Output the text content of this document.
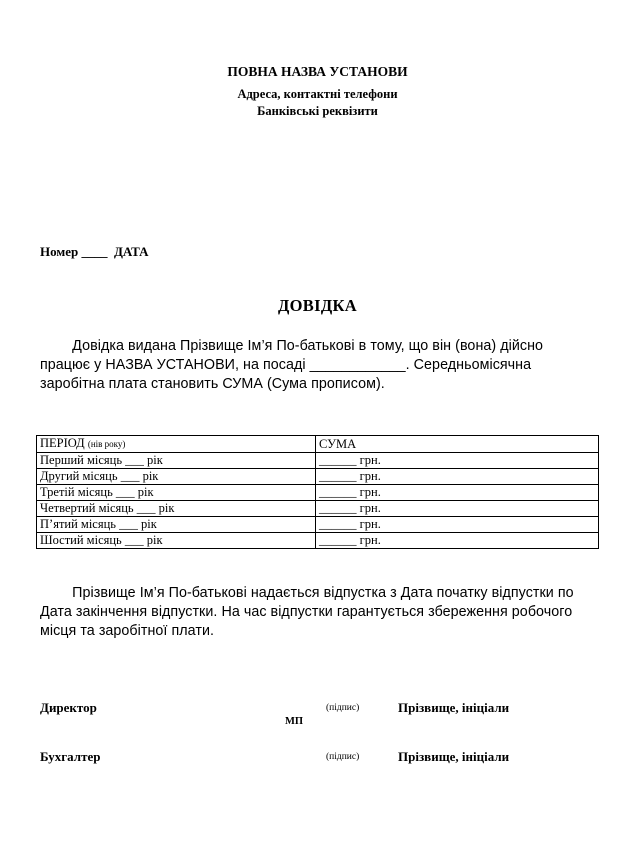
ПОВНА НАЗВА УСТАНОВИ
Адреса, контактні телефони
Банківські реквізити
Номер ____  ДАТА
ДОВІДКА
Довідка видана Прізвище Ім’я По-батькові в тому, що він (вона) дійсно
працює у НАЗВА УСТАНОВИ, на посаді ____________. Середньомісячна
заробітна плата становить СУМА (Сума прописом).
ПЕРІОД (нів року)	СУМА
Перший місяць ___ рік	______ грн.
Другий місяць ___ рік	______ грн.
Третій місяць ___ рік	______ грн.
Четвертий місяць ___ рік	______ грн.
П’ятий місяць ___ рік	______ грн.
Шостий місяць ___ рік	______ грн.
Прізвище Ім’я По-батькові надається відпустка з Дата початку відпустки по
Дата закінчення відпустки. На час відпустки гарантується збереження робочого
місця та заробітної плати.
Директор	(підпис)	Прізвище, ініціали
МП
Бухгалтер	(підпис)	Прізвище, ініціали
